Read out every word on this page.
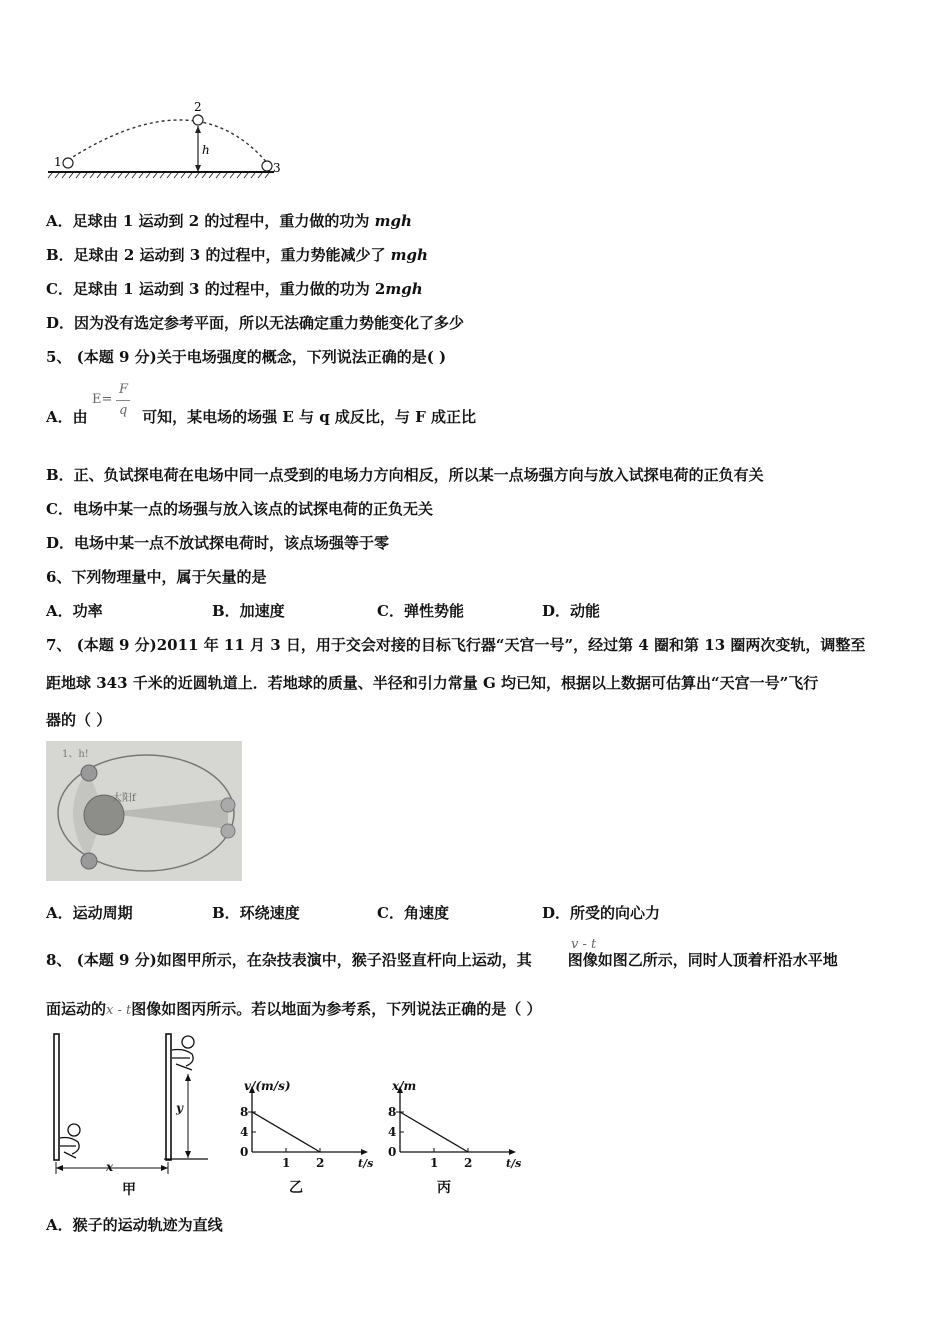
1
2
3
h
A．足球由 1 运动到 2 的过程中，重力做的功为 mgh
B．足球由 2 运动到 3 的过程中，重力势能减少了 mgh
C．足球由 1 运动到 3 的过程中，重力做的功为 2mgh
D．因为没有选定参考平面，所以无法确定重力势能变化了多少
5、 (本题 9 分)关于电场强度的概念，下列说法正确的是( )
A．由	可知，某电场的场强 E 与 q 成反比，与 F 成正比
E=
F
q
B．正、负试探电荷在电场中同一点受到的电场力方向相反，所以某一点场强方向与放入试探电荷的正负有关
C．电场中某一点的场强与放入该点的试探电荷的正负无关
D．电场中某一点不放试探电荷时，该点场强等于零
6、下列物理量中，属于矢量的是
A．功率	B．加速度	C．弹性势能	D．动能
7、 (本题 9 分)2011 年 11 月 3 日，用于交会对接的目标飞行器“天宫一号”，经过第 4 圈和第 13 圈两次变轨，调整至
距地球 343 千米的近圆轨道上．若地球的质量、半径和引力常量 G 均已知，根据以上数据可估算出“天宫一号”飞行
器的（ ）
1、h!
太阳f
A．运动周期	B．环绕速度	C．角速度	D．所受的向心力
8、 (本题 9 分)如图甲所示，在杂技表演中，猴子沿竖直杆向上运动，其 图像如图乙所示，同时人顶着杆沿水平地
v - t
面运动的x - t图像如图丙所示。若以地面为参考系，下列说法正确的是（ ）
x
y
甲
0
4
8
1 2
v/(m/s)
t/s
乙
0
4
8
1 2
x/m
t/s
丙
A．猴子的运动轨迹为直线
